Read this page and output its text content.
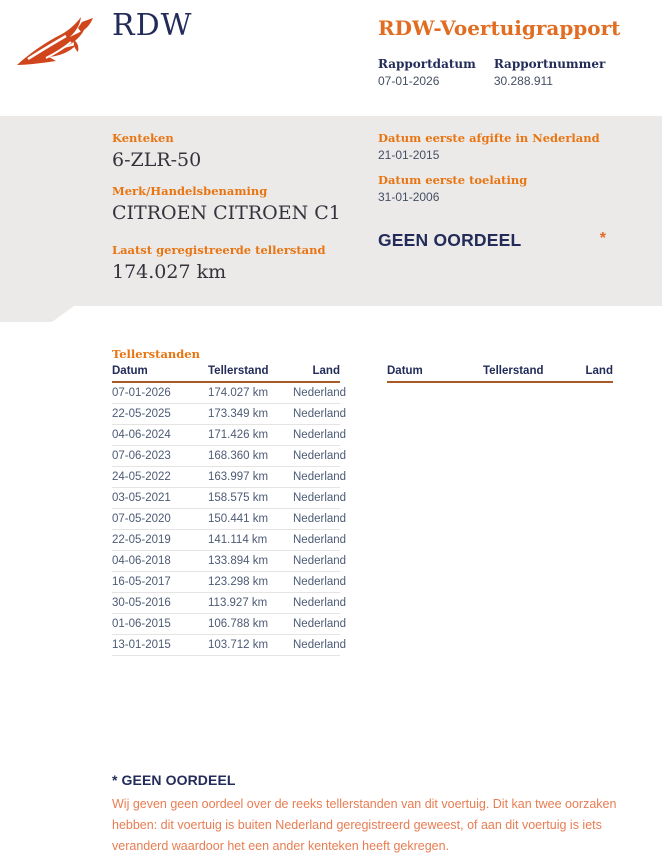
RDW	RDW-Voertuigrapport
Rapportdatum
07-01-2026
Rapportnummer
30.288.911
Kenteken
6-ZLR-50
Merk/Handelsbenaming
CITROEN CITROEN C1
Laatst geregistreerde tellerstand
174.027 km
Datum eerste afgifte in Nederland
21-01-2015
Datum eerste toelating
31-01-2006
GEEN OORDEEL	*
Tellerstanden
Datum	Tellerstand	Land
07-01-2026	174.027 km	Nederland
22-05-2025	173.349 km	Nederland
04-06-2024	171.426 km	Nederland
07-06-2023	168.360 km	Nederland
24-05-2022	163.997 km	Nederland
03-05-2021	158.575 km	Nederland
07-05-2020	150.441 km	Nederland
22-05-2019	141.114 km	Nederland
04-06-2018	133.894 km	Nederland
16-05-2017	123.298 km	Nederland
30-05-2016	113.927 km	Nederland
01-06-2015	106.788 km	Nederland
13-01-2015	103.712 km	Nederland
Datum	Tellerstand	Land
* GEEN OORDEEL
Wij geven geen oordeel over de reeks tellerstanden van dit voertuig. Dit kan twee oorzaken hebben: dit voertuig is buiten Nederland geregistreerd geweest, of aan dit voertuig is iets veranderd waardoor het een ander kenteken heeft gekregen.
